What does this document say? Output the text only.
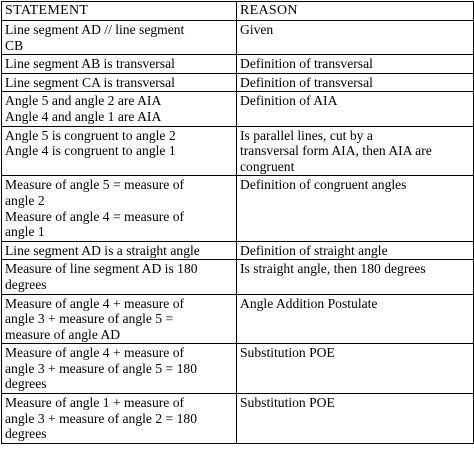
STATEMENT	REASON

Line segment AD // line segment
CB	Given

Line segment AB is transversal	Definition of transversal

Line segment CA is transversal	Definition of transversal

Angle 5 and angle 2 are AIA
Angle 4 and angle 1 are AIA	Definition of AIA

Angle 5 is congruent to angle 2
Angle 4 is congruent to angle 1	Is parallel lines, cut by a
transversal form AIA, then AIA are
congruent

Measure of angle 5 = measure of
angle 2
Measure of angle 4 = measure of
angle 1	Definition of congruent angles

Line segment AD is a straight angle	Definition of straight angle

Measure of line segment AD is 180
degrees	Is straight angle, then 180 degrees

Measure of angle 4 + measure of
angle 3 + measure of angle 5 =
measure of angle AD	Angle Addition Postulate

Measure of angle 4 + measure of
angle 3 + measure of angle 5 = 180
degrees	Substitution POE

Measure of angle 1 + measure of
angle 3 + measure of angle 2 = 180
degrees	Substitution POE
